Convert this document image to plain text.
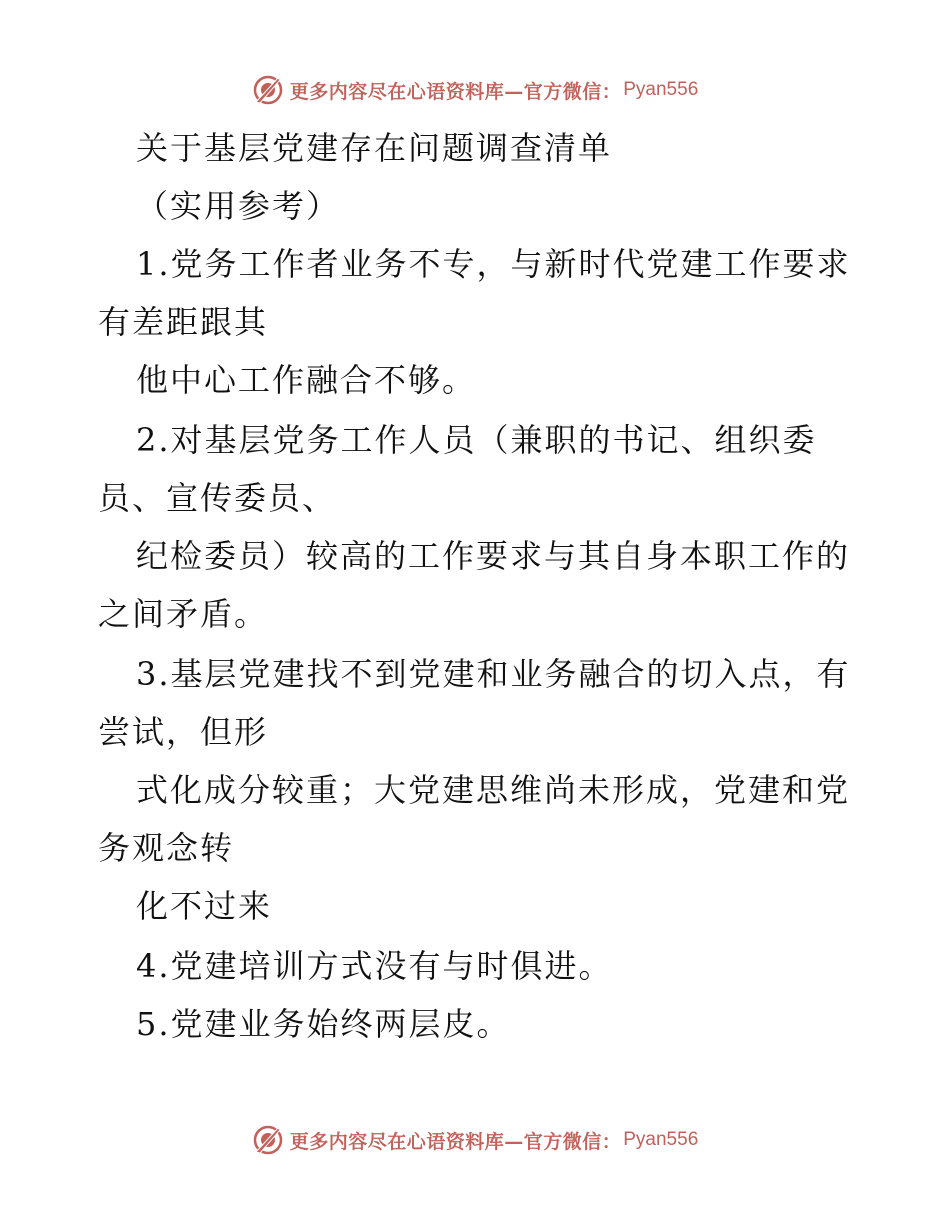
更多内容尽在心语资料库—官方微信： Pyan556
关于基层党建存在问题调查清单
（实用参考）
1.党务工作者业务不专，与新时代党建工作要求
有差距跟其
他中心工作融合不够。
2.对基层党务工作人员（兼职的书记、组织委
员、宣传委员、
纪检委员）较高的工作要求与其自身本职工作的
之间矛盾。
3.基层党建找不到党建和业务融合的切入点，有
尝试，但形
式化成分较重；大党建思维尚未形成，党建和党
务观念转
化不过来
4.党建培训方式没有与时俱进。
5.党建业务始终两层皮。
更多内容尽在心语资料库—官方微信： Pyan556
